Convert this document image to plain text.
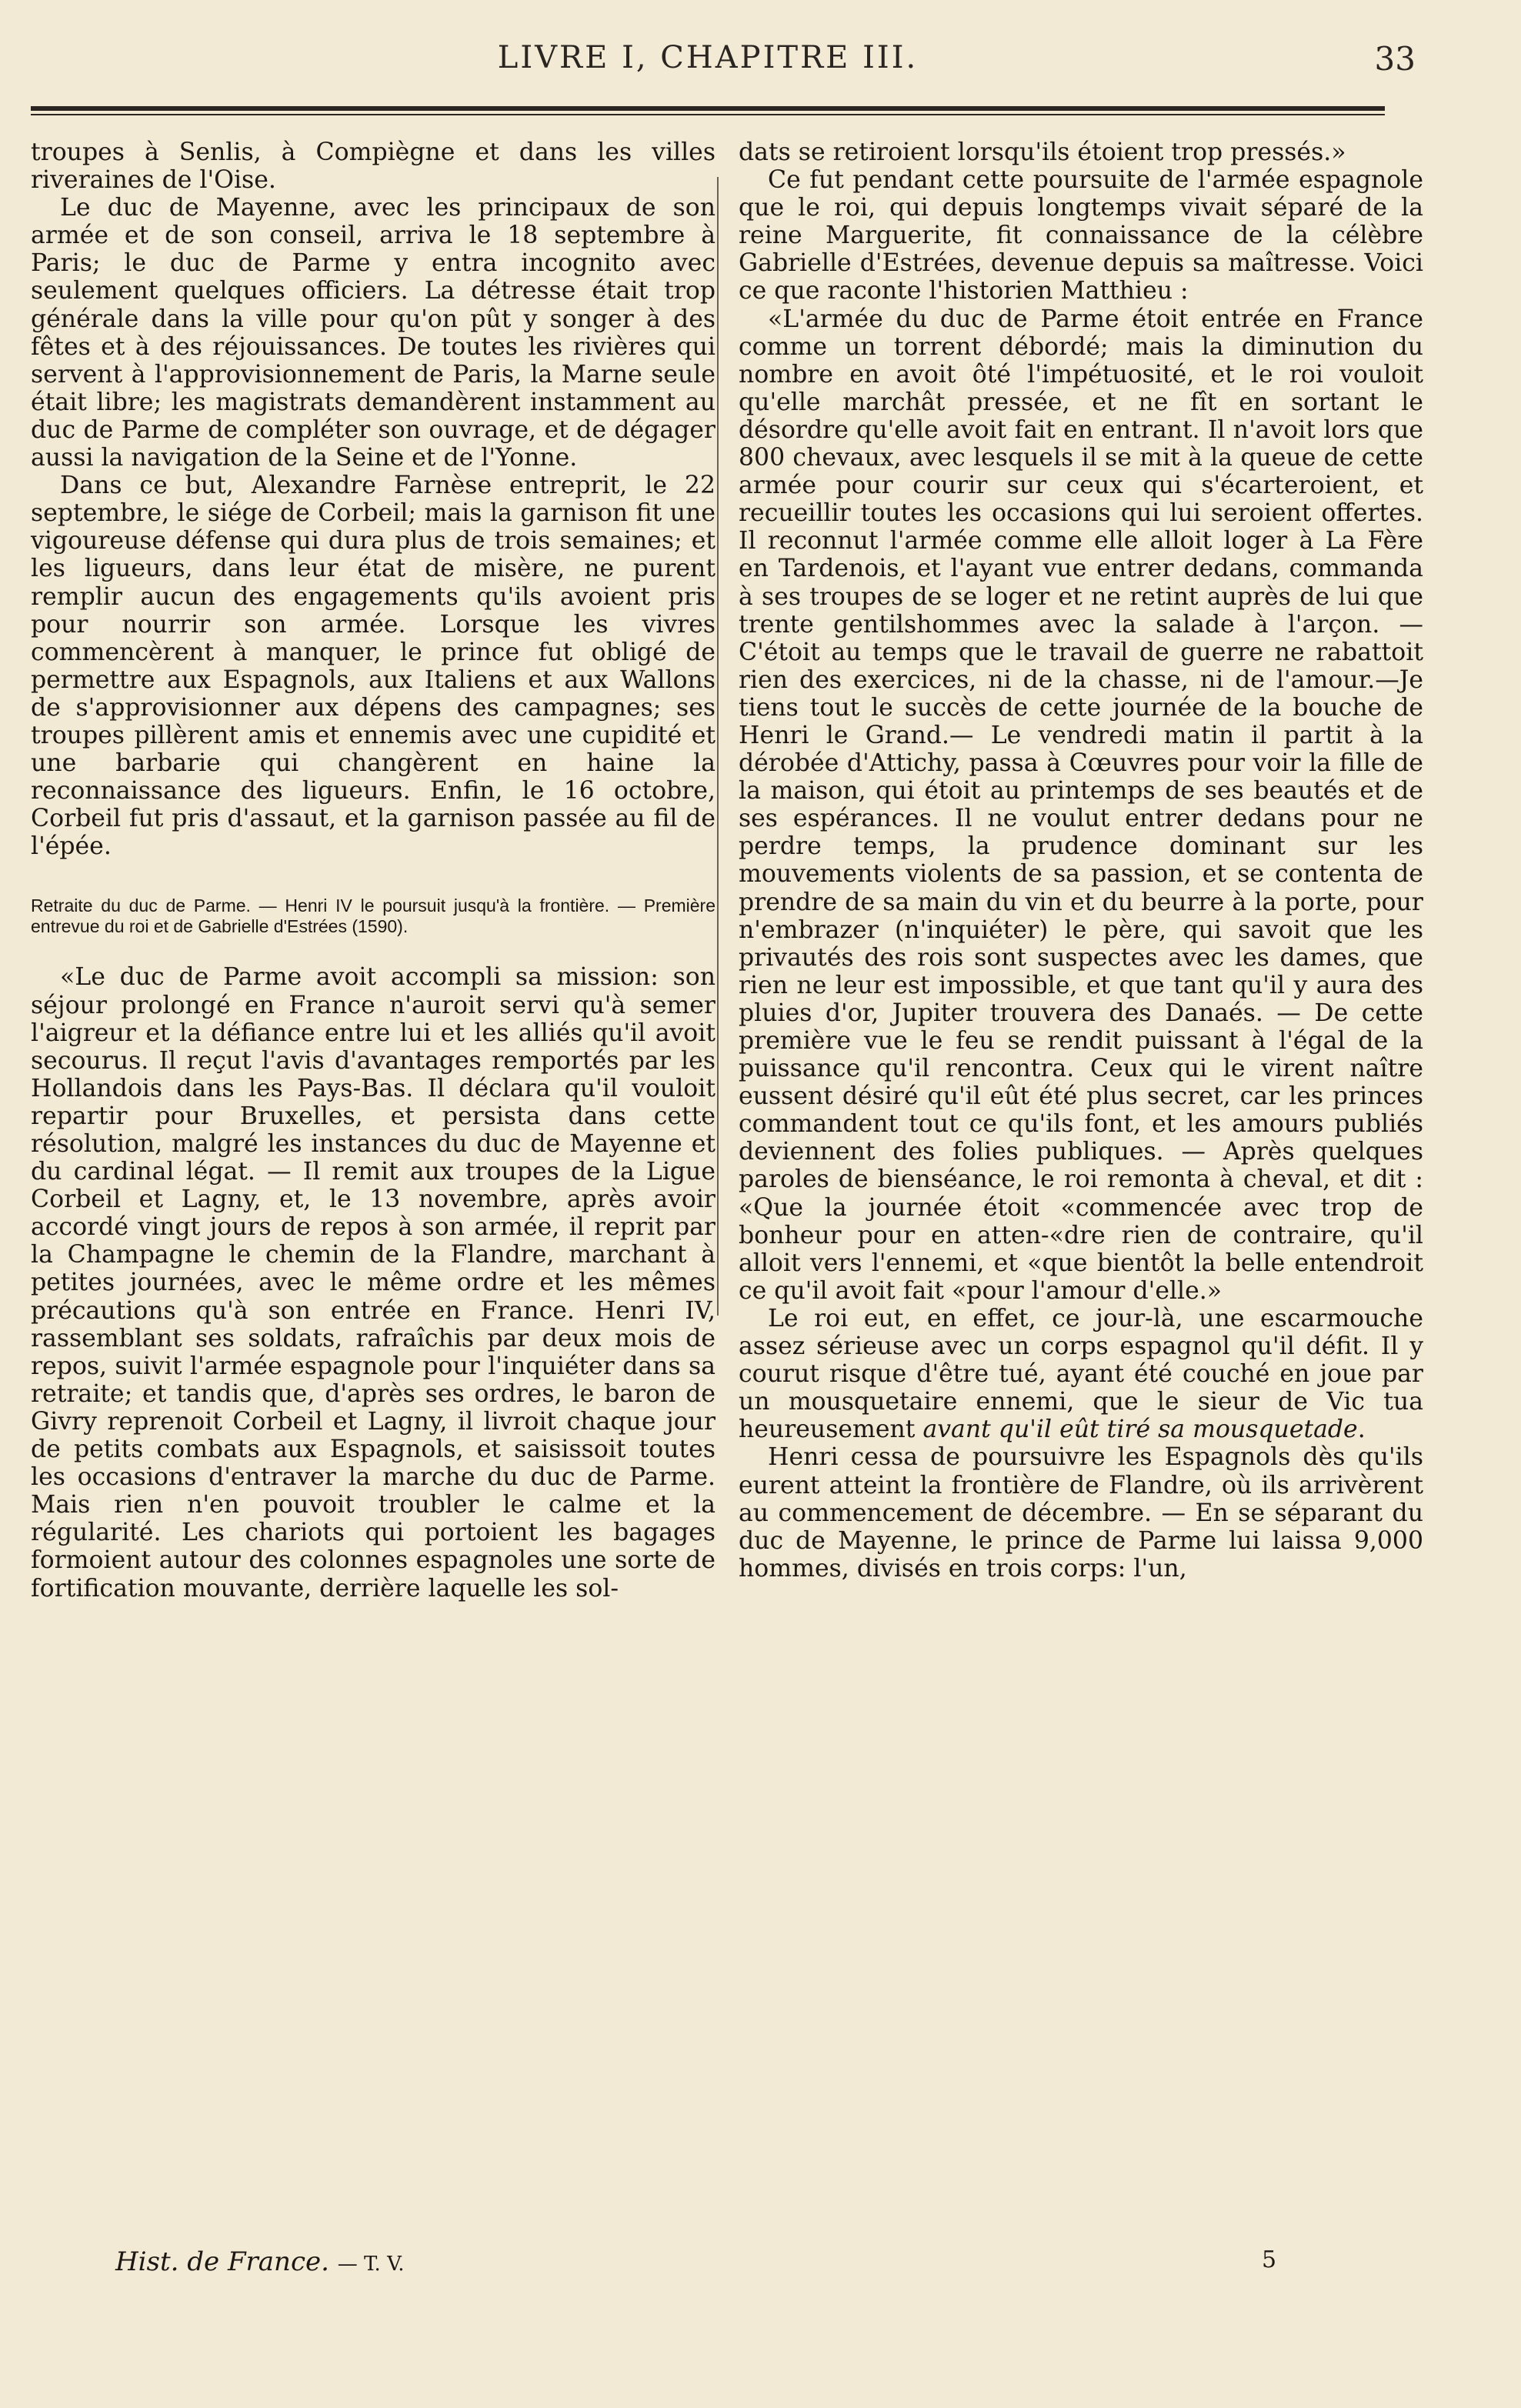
LIVRE I, CHAPITRE III.	33

troupes à Senlis, à Compiègne et dans les villes riveraines de l'Oise.

Le duc de Mayenne, avec les principaux de son armée et de son conseil, arriva le 18 septembre à Paris; le duc de Parme y entra incognito avec seulement quelques officiers. La détresse était trop générale dans la ville pour qu'on pût y songer à des fêtes et à des réjouissances. De toutes les rivières qui servent à l'approvisionnement de Paris, la Marne seule était libre; les magistrats demandèrent instamment au duc de Parme de compléter son ouvrage, et de dégager aussi la navigation de la Seine et de l'Yonne.

Dans ce but, Alexandre Farnèse entreprit, le 22 septembre, le siége de Corbeil; mais la garnison fit une vigoureuse défense qui dura plus de trois semaines; et les ligueurs, dans leur état de misère, ne purent remplir aucun des engagements qu'ils avoient pris pour nourrir son armée. Lorsque les vivres commencèrent à manquer, le prince fut obligé de permettre aux Espagnols, aux Italiens et aux Wallons de s'approvisionner aux dépens des campagnes; ses troupes pillèrent amis et ennemis avec une cupidité et une barbarie qui changèrent en haine la reconnaissance des ligueurs. Enfin, le 16 octobre, Corbeil fut pris d'assaut, et la garnison passée au fil de l'épée.

Retraite du duc de Parme. — Henri IV le poursuit jusqu'à la frontière. — Première entrevue du roi et de Gabrielle d'Estrées (1590).

«Le duc de Parme avoit accompli sa mission: son séjour prolongé en France n'auroit servi qu'à semer l'aigreur et la défiance entre lui et les alliés qu'il avoit secourus. Il reçut l'avis d'avantages remportés par les Hollandois dans les Pays-Bas. Il déclara qu'il vouloit repartir pour Bruxelles, et persista dans cette résolution, malgré les instances du duc de Mayenne et du cardinal légat. — Il remit aux troupes de la Ligue Corbeil et Lagny, et, le 13 novembre, après avoir accordé vingt jours de repos à son armée, il reprit par la Champagne le chemin de la Flandre, marchant à petites journées, avec le même ordre et les mêmes précautions qu'à son entrée en France. Henri IV, rassemblant ses soldats, rafraîchis par deux mois de repos, suivit l'armée espagnole pour l'inquiéter dans sa retraite; et tandis que, d'après ses ordres, le baron de Givry reprenoit Corbeil et Lagny, il livroit chaque jour de petits combats aux Espagnols, et saisissoit toutes les occasions d'entraver la marche du duc de Parme. Mais rien n'en pouvoit troubler le calme et la régularité. Les chariots qui portoient les bagages formoient autour des colonnes espagnoles une sorte de fortification mouvante, derrière laquelle les sol-

dats se retiroient lorsqu'ils étoient trop pressés.»

Ce fut pendant cette poursuite de l'armée espagnole que le roi, qui depuis longtemps vivait séparé de la reine Marguerite, fit connaissance de la célèbre Gabrielle d'Estrées, devenue depuis sa maîtresse. Voici ce que raconte l'historien Matthieu :

«L'armée du duc de Parme étoit entrée en France comme un torrent débordé; mais la diminution du nombre en avoit ôté l'impétuosité, et le roi vouloit qu'elle marchât pressée, et ne fît en sortant le désordre qu'elle avoit fait en entrant. Il n'avoit lors que 800 chevaux, avec lesquels il se mit à la queue de cette armée pour courir sur ceux qui s'écarteroient, et recueillir toutes les occasions qui lui seroient offertes. Il reconnut l'armée comme elle alloit loger à La Fère en Tardenois, et l'ayant vue entrer dedans, commanda à ses troupes de se loger et ne retint auprès de lui que trente gentilshommes avec la salade à l'arçon. — C'étoit au temps que le travail de guerre ne rabattoit rien des exercices, ni de la chasse, ni de l'amour.—Je tiens tout le succès de cette journée de la bouche de Henri le Grand.— Le vendredi matin il partit à la dérobée d'Attichy, passa à Cœuvres pour voir la fille de la maison, qui étoit au printemps de ses beautés et de ses espérances. Il ne voulut entrer dedans pour ne perdre temps, la prudence dominant sur les mouvements violents de sa passion, et se contenta de prendre de sa main du vin et du beurre à la porte, pour n'embrazer (n'inquiéter) le père, qui savoit que les privautés des rois sont suspectes avec les dames, que rien ne leur est impossible, et que tant qu'il y aura des pluies d'or, Jupiter trouvera des Danaés. — De cette première vue le feu se rendit puissant à l'égal de la puissance qu'il rencontra. Ceux qui le virent naître eussent désiré qu'il eût été plus secret, car les princes commandent tout ce qu'ils font, et les amours publiés deviennent des folies publiques. — Après quelques paroles de bienséance, le roi remonta à cheval, et dit : «Que la journée étoit «commencée avec trop de bonheur pour en atten-«dre rien de contraire, qu'il alloit vers l'ennemi, et «que bientôt la belle entendroit ce qu'il avoit fait «pour l'amour d'elle.»

Le roi eut, en effet, ce jour-là, une escarmouche assez sérieuse avec un corps espagnol qu'il défit. Il y courut risque d'être tué, ayant été couché en joue par un mousquetaire ennemi, que le sieur de Vic tua heureusement avant qu'il eût tiré sa mousquetade.

Henri cessa de poursuivre les Espagnols dès qu'ils eurent atteint la frontière de Flandre, où ils arrivèrent au commencement de décembre. — En se séparant du duc de Mayenne, le prince de Parme lui laissa 9,000 hommes, divisés en trois corps: l'un,

Hist. de France. — T. V.	5
